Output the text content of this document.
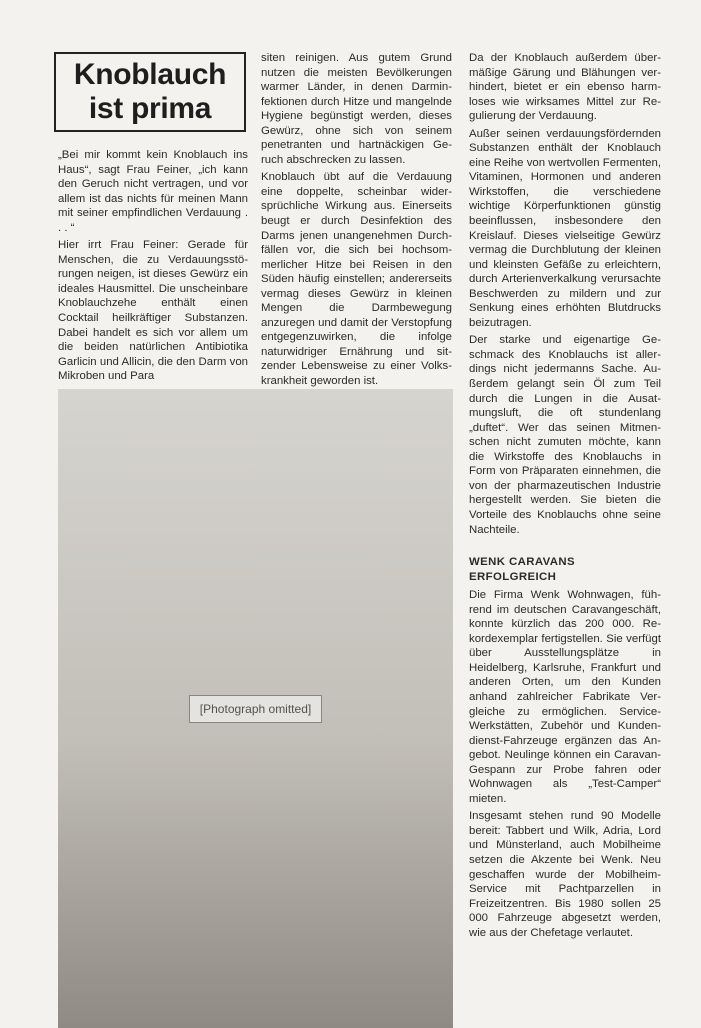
Knoblauch
ist prima

„Bei mir kommt kein Knoblauch ins Haus“, sagt Frau Feiner, „ich kann den Geruch nicht vertragen, und vor allem ist das nichts für meinen Mann mit seiner empfindlichen Verdauung . . . “

Hier irrt Frau Feiner: Gerade für Menschen, die zu Verdauungsstörungen neigen, ist dieses Gewürz ein ideales Hausmittel. Die unscheinbare Knoblauchzehe enthält einen Cocktail heilkräftiger Substanzen. Dabei handelt es sich vor allem um die beiden natürlichen Antibiotika Garlicin und Allicin, die den Darm von Mikroben und Para

siten reinigen. Aus gutem Grund nutzen die meisten Bevölkerungen warmer Länder, in denen Darminfektionen durch Hitze und mangelnde Hygiene begünstigt werden, dieses Gewürz, ohne sich von seinem penetranten und hartnäckigen Geruch abschrecken zu lassen.

Knoblauch übt auf die Verdauung eine doppelte, scheinbar widersprüchliche Wirkung aus. Einerseits beugt er durch Desinfektion des Darms jenen unangenehmen Durchfällen vor, die sich bei hochsommerlicher Hitze bei Reisen in den Süden häufig einstellen; andererseits vermag dieses Gewürz in kleinen Mengen die Darmbewegung anzuregen und damit der Verstopfung entgegenzuwirken, die infolge naturwidriger Ernährung und sitzender Lebensweise zu einer Volkskrankheit geworden ist.

Da der Knoblauch außerdem übermäßige Gärung und Blähungen verhindert, bietet er ein ebenso harmloses wie wirksames Mittel zur Regulierung der Verdauung.

Außer seinen verdauungsfördernden Substanzen enthält der Knoblauch eine Reihe von wertvollen Fermenten, Vitaminen, Hormonen und anderen Wirkstoffen, die verschiedene wichtige Körperfunktionen günstig beeinflussen, insbesondere den Kreislauf. Dieses vielseitige Gewürz vermag die Durchblutung der kleinen und kleinsten Gefäße zu erleichtern, durch Arterienverkalkung verursachte Beschwerden zu mildern und zur Senkung eines erhöhten Blutdrucks beizutragen.

Der starke und eigenartige Geschmack des Knoblauchs ist allerdings nicht jedermanns Sache. Außerdem gelangt sein Öl zum Teil durch die Lungen in die Ausatmungsluft, die oft stundenlang „duftet“. Wer das seinen Mitmenschen nicht zumuten möchte, kann die Wirkstoffe des Knoblauchs in Form von Präparaten einnehmen, die von der pharmazeutischen Industrie hergestellt werden. Sie bieten die Vorteile des Knoblauchs ohne seine Nachteile.

WENK CARAVANS ERFOLGREICH

Die Firma Wenk Wohnwagen, führend im deutschen Caravangeschäft, konnte kürzlich das 200 000. Rekordexemplar fertigstellen. Sie verfügt über Ausstellungsplätze in Heidelberg, Karlsruhe, Frankfurt und anderen Orten, um den Kunden anhand zahlreicher Fabrikate Vergleiche zu ermöglichen. Service-Werkstätten, Zubehör und Kundendienst-Fahrzeuge ergänzen das Angebot. Neulinge können ein Caravan-Gespann zur Probe fahren oder Wohnwagen als „Test-Camper“ mieten.

Insgesamt stehen rund 90 Modelle bereit: Tabbert und Wilk, Adria, Lord und Münsterland, auch Mobilheime setzen die Akzente bei Wenk. Neu geschaffen wurde der Mobilheim-Service mit Pachtparzellen in Freizeitzentren. Bis 1980 sollen 25 000 Fahrzeuge abgesetzt werden, wie aus der Chefetage verlautet.

[Photograph omitted]
